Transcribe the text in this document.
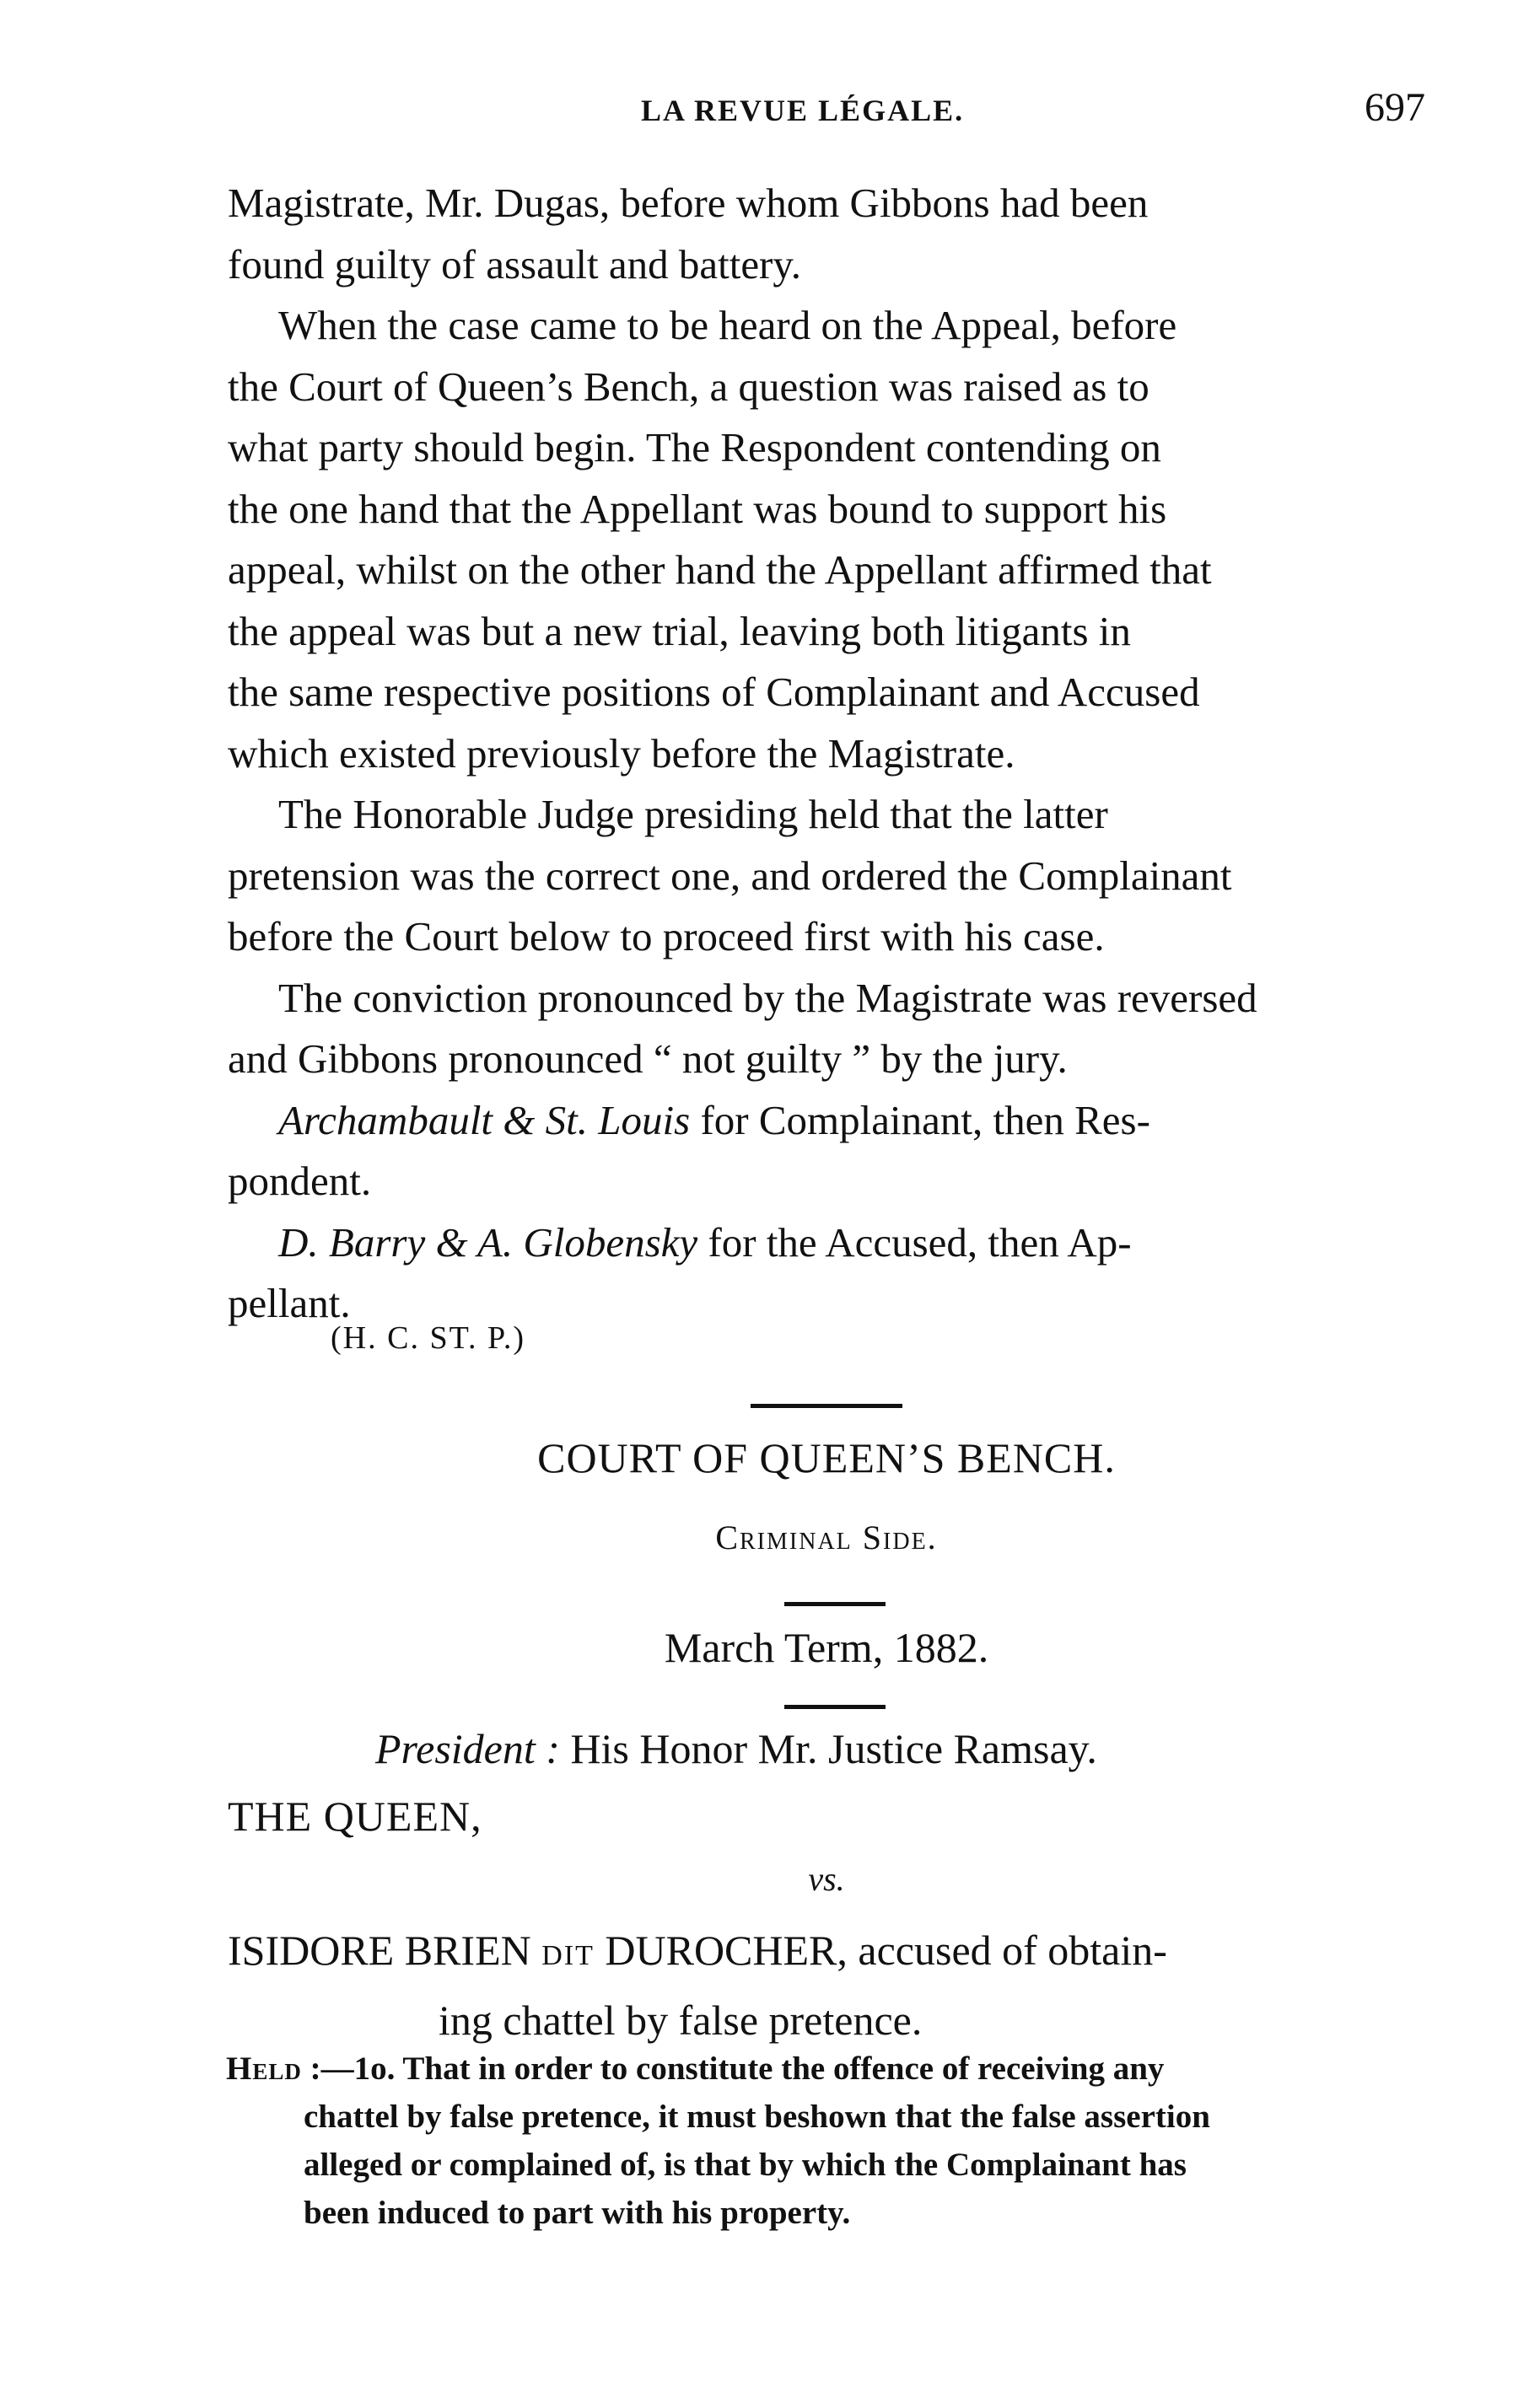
LA REVUE LÉGALE.	697

Magistrate, Mr. Dugas, before whom Gibbons had been
found guilty of assault and battery.

When the case came to be heard on the Appeal, before
the Court of Queen’s Bench, a question was raised as to
what party should begin. The Respondent contending on
the one hand that the Appellant was bound to support his
appeal, whilst on the other hand the Appellant affirmed that
the appeal was but a new trial, leaving both litigants in
the same respective positions of Complainant and Accused
which existed previously before the Magistrate.

The Honorable Judge presiding held that the latter
pretension was the correct one, and ordered the Complainant
before the Court below to proceed first with his case.

The conviction pronounced by the Magistrate was reversed
and Gibbons pronounced “ not guilty ” by the jury.

Archambault & St. Louis for Complainant, then Res-
pondent.

D. Barry & A. Globensky for the Accused, then Ap-
pellant.

(H. C. ST. P.)
COURT OF QUEEN’S BENCH.
Criminal Side.
March Term, 1882.
President : His Honor Mr. Justice Ramsay.
THE QUEEN,
vs.
ISIDORE BRIEN DIT DUROCHER, accused of obtain-
ing chattel by false pretence.
Held :—1o. That in order to constitute the offence of receiving any
chattel by false pretence, it must beshown that the false assertion
alleged or complained of, is that by which the Complainant has
been induced to part with his property.
